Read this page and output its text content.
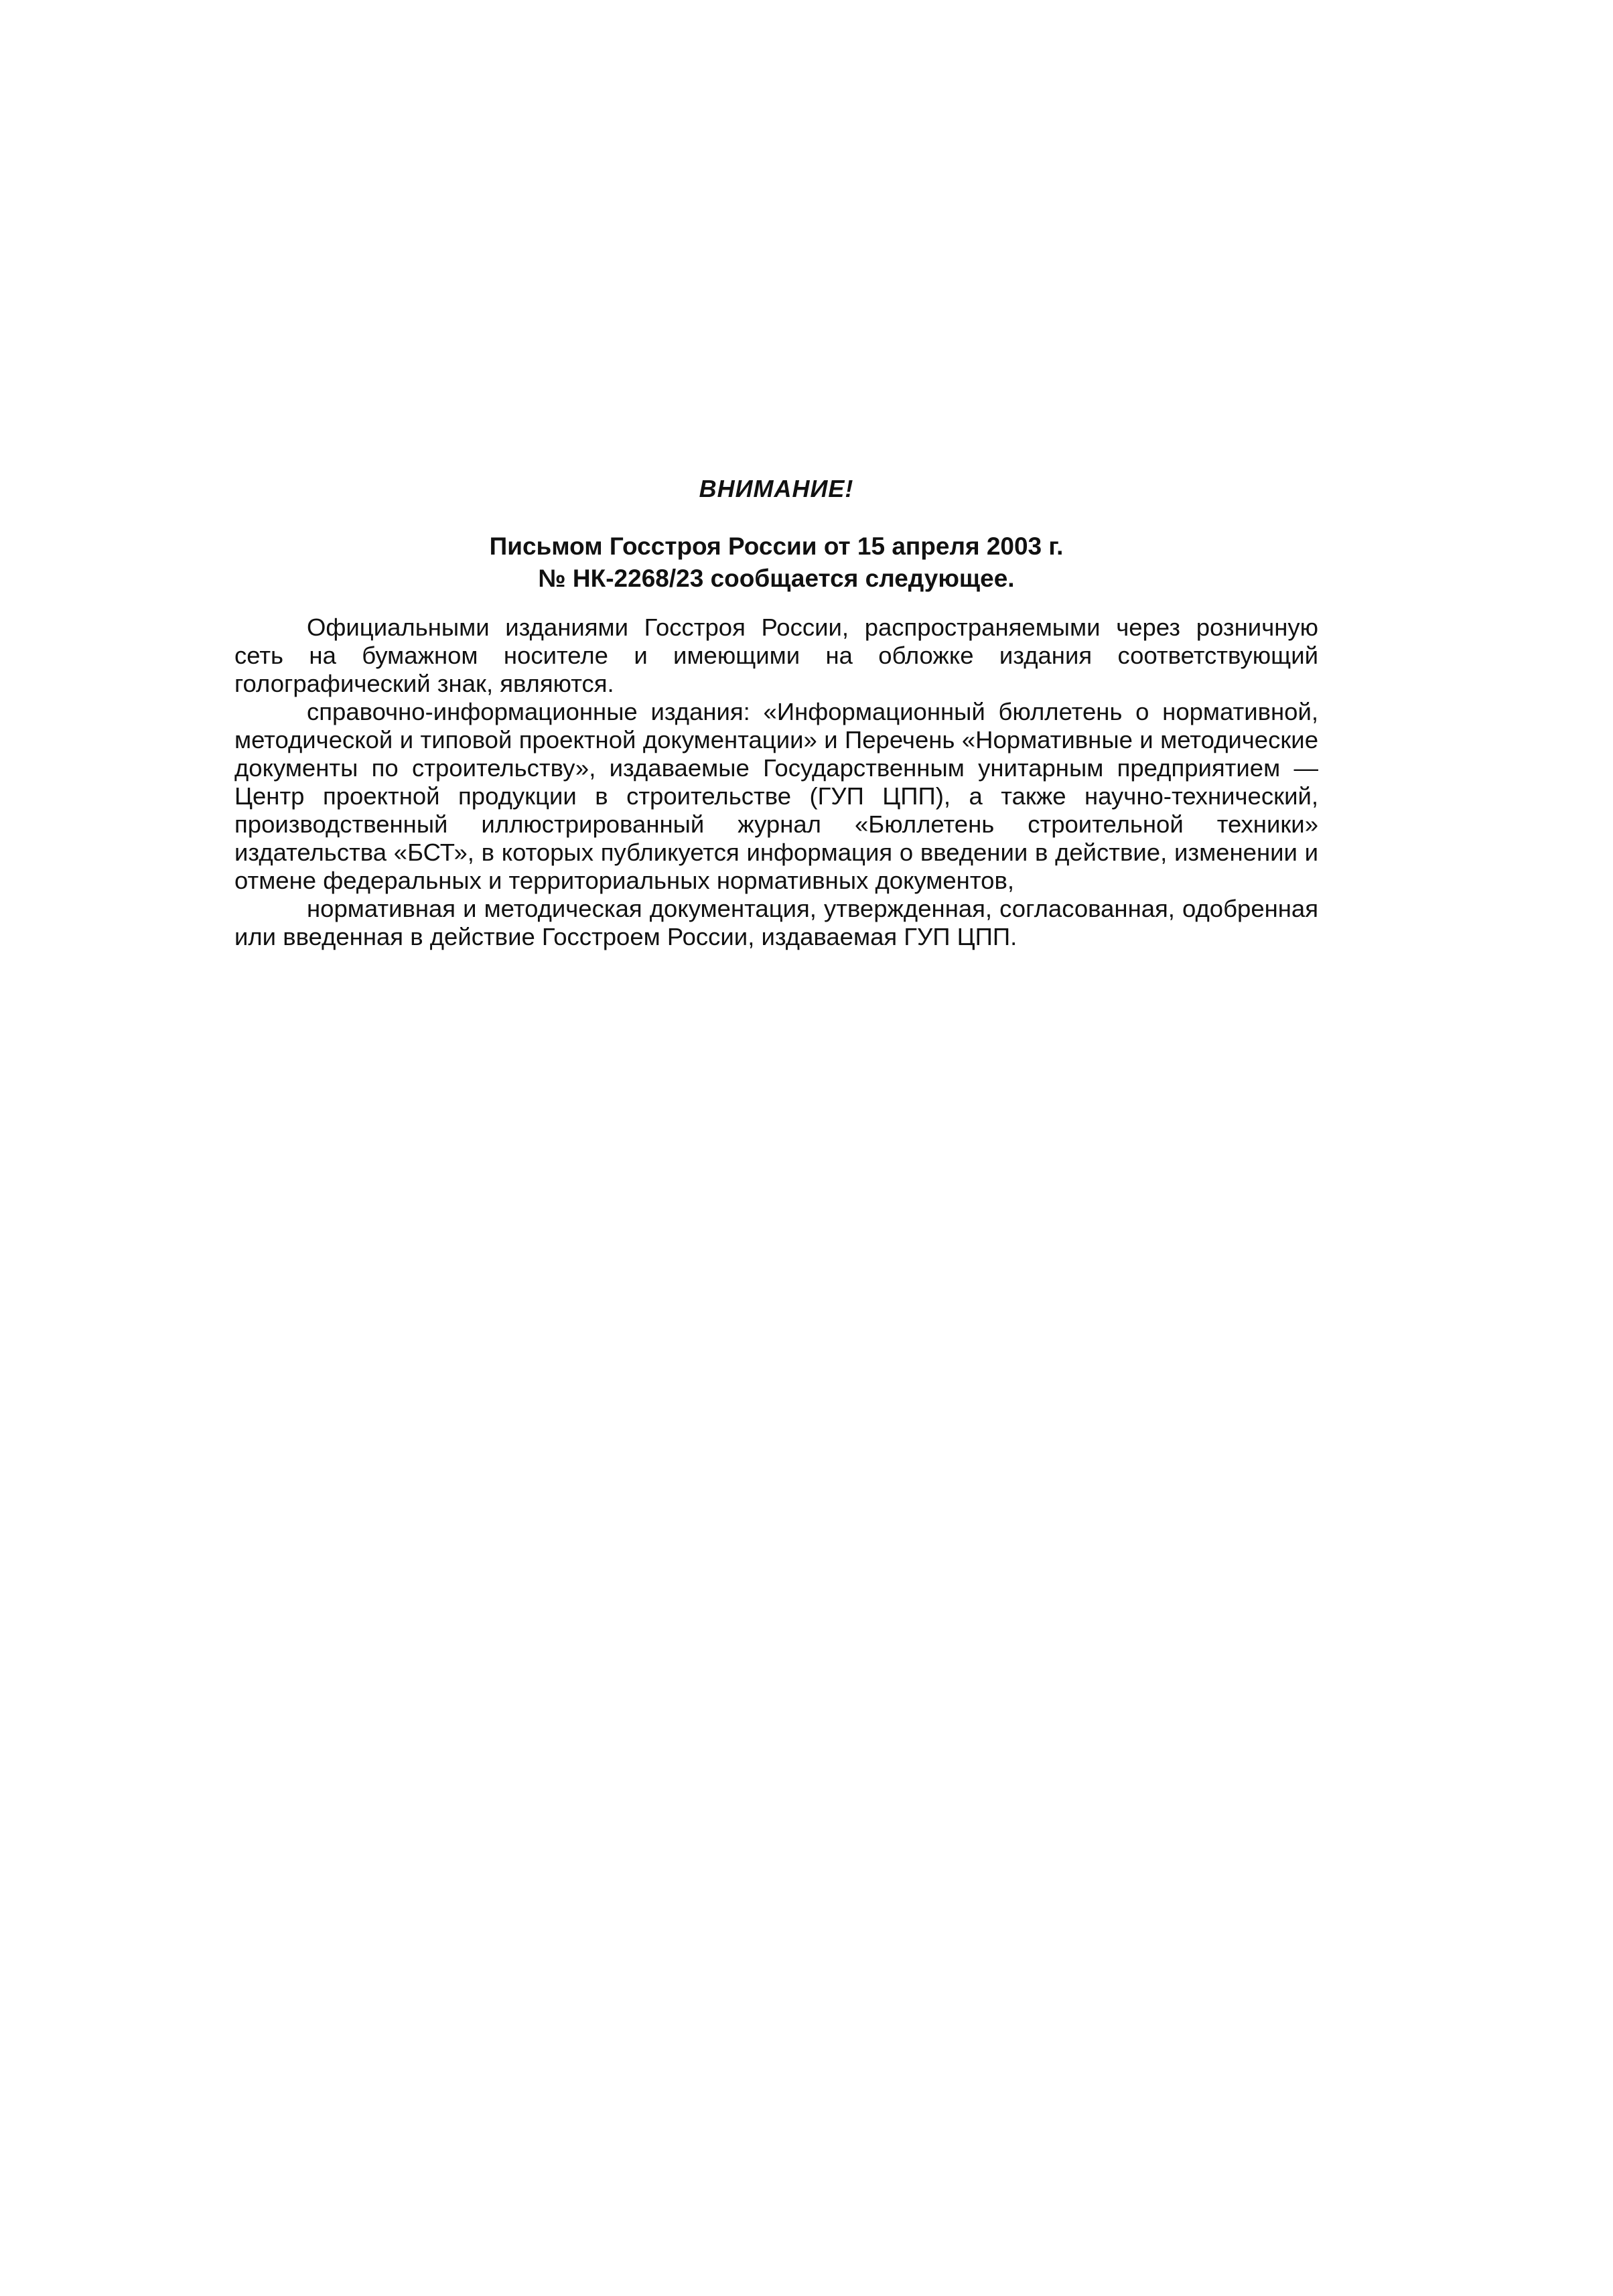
ВНИМАНИЕ!
Письмом Госстроя России от 15 апреля 2003 г.
№ НК-2268/23 сообщается следующее.

Официальными изданиями Госстроя России, распространяемыми через розничную сеть на бумажном носителе и имеющими на обложке издания соответствующий голографический знак, являются.

справочно-информационные издания: «Информационный бюллетень о нормативной, методической и типовой проектной документации» и Перечень «Нормативные и методические документы по строительству», издаваемые Государственным унитарным предприятием — Центр проектной продукции в строительстве (ГУП ЦПП), а также научно-технический, производственный иллюстрированный журнал «Бюллетень строительной техники» издательства «БСТ», в которых публикуется информация о введении в действие, изменении и отмене федеральных и территориальных нормативных документов,

нормативная и методическая документация, утвержденная, согласованная, одобренная или введенная в действие Госстроем России, издаваемая ГУП ЦПП.
